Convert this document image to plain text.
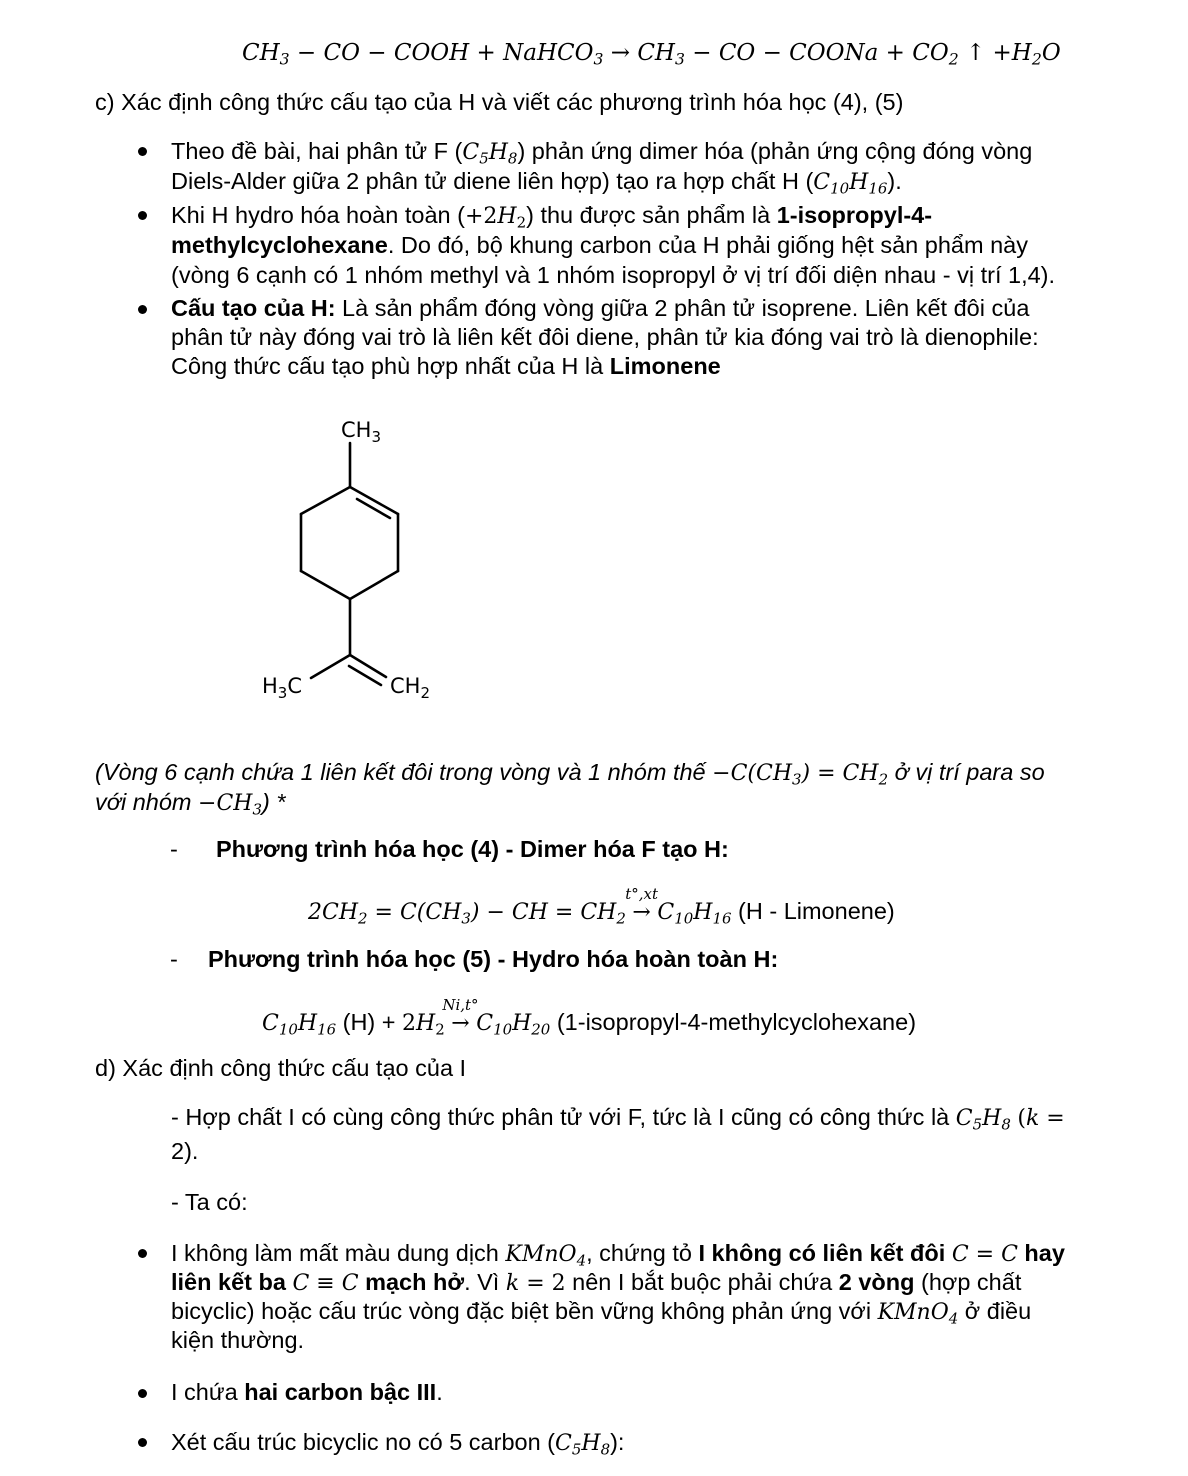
$CH_3$ − CO − COOH + NaHCO$_3$ → $CH_3$ − CO − COONa + $CO_2$ ↑ $+H_2O$
c) Xác định công thức cấu tạo của H và viết các phương trình hóa học (4), (5)
Theo đề bài, hai phân tử F $(C_5H_8)$ phản ứng dimer hóa (phản ứng cộng đóng vòng
Diels-Alder giữa 2 phân tử diene liên hợp) tạo ra hợp chất H $(C_{10}H_{16})$.
Khi H hydro hóa hoàn toàn $(+2H_2)$ thu được sản phẩm là 1-isopropyl-4-
methylcyclohexane. Do đó, bộ khung carbon của H phải giống hệt sản phẩm này
(vòng 6 cạnh có 1 nhóm methyl và 1 nhóm isopropyl ở vị trí đối diện nhau - vị trí 1,4).
Cấu tạo của H: Là sản phẩm đóng vòng giữa 2 phân tử isoprene. Liên kết đôi của
phân tử này đóng vai trò là liên kết đôi diene, phân tử kia đóng vai trò là dienophile:
Công thức cấu tạo phù hợp nhất của H là Limonene
$CH_3$
$H_3C$	$CH_2$
(Vòng 6 cạnh chứa 1 liên kết đôi trong vòng và 1 nhóm thế $-C(CH_3) = CH_2$ ở vị trí para so
với nhóm $-CH_3$) *
- Phương trình hóa học (4) - Dimer hóa F tạo H:
$2CH_2 = C(CH_3)$ − CH = $CH_2$
t°,xt
→ $C_{10}H_{16}$ (H - Limonene)
- Phương trình hóa học (5) - Hydro hóa hoàn toàn H:
$C_{10}H_{16}$ $(H) + 2H_2$
Ni,t°
→ $C_{10}H_{20}$ (1-isopropyl-4-methylcyclohexane)
d) Xác định công thức cấu tạo của I
- Hợp chất I có cùng công thức phân tử với F, tức là I cũng có công thức là $C_5H_8$ (k =
2).
- Ta có:
I không làm mất màu dung dịch KMnO$_4$, chứng tỏ I không có liên kết đôi C = C hay
liên kết ba C ≡ C mạch hở. Vì k = 2 nên I bắt buộc phải chứa 2 vòng (hợp chất
bicyclic) hoặc cấu trúc vòng đặc biệt bền vững không phản ứng với KMnO$_4$ ở điều
kiện thường.
I chứa hai carbon bậc III.
Xét cấu trúc bicyclic no có 5 carbon $(C_5H_8)$:
